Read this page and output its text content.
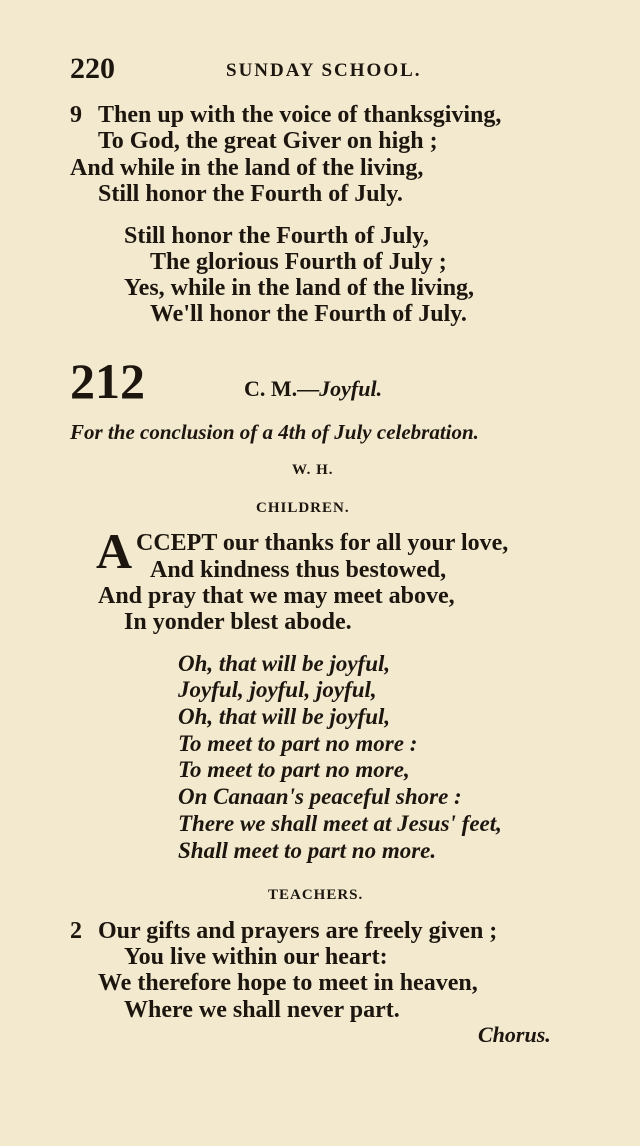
220	SUNDAY SCHOOL.
9 Then up with the voice of thanksgiving,
To God, the great Giver on high ;
And while in the land of the living,
Still honor the Fourth of July.
Still honor the Fourth of July,
The glorious Fourth of July ;
Yes, while in the land of the living,
We'll honor the Fourth of July.
212	C. M.—Joyful.
For the conclusion of a 4th of July celebration.
W. H.
CHILDREN.
A CCEPT our thanks for all your love,
And kindness thus bestowed,
And pray that we may meet above,
In yonder blest abode.
Oh, that will be joyful,
Joyful, joyful, joyful,
Oh, that will be joyful,
To meet to part no more :
To meet to part no more,
On Canaan's peaceful shore :
There we shall meet at Jesus' feet,
Shall meet to part no more.
TEACHERS.
2 Our gifts and prayers are freely given ;
You live within our heart:
We therefore hope to meet in heaven,
Where we shall never part.
Chorus.
